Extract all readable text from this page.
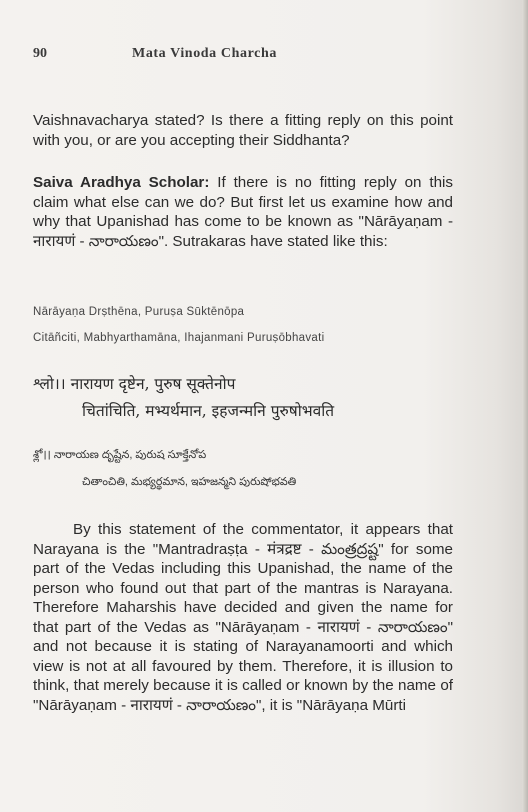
90	Mata Vinoda Charcha

Vaishnavacharya stated? Is there a fitting reply on this point with you, or are you accepting their Siddhanta?

Saiva Aradhya Scholar: If there is no fitting reply on this claim what else can we do? But first let us examine how and why that Upanishad has come to be known as "Nārāyaṇam - नारायणं - నారాయణం". Sutrakaras have stated like this:

Nārāyaṇa Drṣthēna, Puruṣa Sūktēnōpa
Citāñciti, Mabhyarthamāna, Ihajanmani Puruṣōbhavati
श्लो।। नारायण दृष्टेन, पुरुष सूक्तेनोप
चितांचिति, मभ्यर्थमान, इहजन्मनि पुरुषोभवति
శ్లో।। నారాయణ దృష్టేన, పురుష సూక్తేనోప
చితాంచితి, మభ్యర్థమాన, ఇహజన్మని పురుషోభవతి

By this statement of the commentator, it appears that Narayana is the "Mantradraṣṭa - मंत्रद्रष्ट - మంత్రద్రష్ట" for some part of the Vedas including this Upanishad, the name of the person who found out that part of the mantras is Narayana. Therefore Maharshis have decided and given the name for that part of the Vedas as "Nārāyaṇam - नारायणं - నారాయణం" and not because it is stating of Narayanamoorti and which view is not at all favoured by them. Therefore, it is illusion to think, that merely because it is called or known by the name of "Nārāyaṇam - नारायणं - నారాయణం", it is "Nārāyaṇa Mūrti
